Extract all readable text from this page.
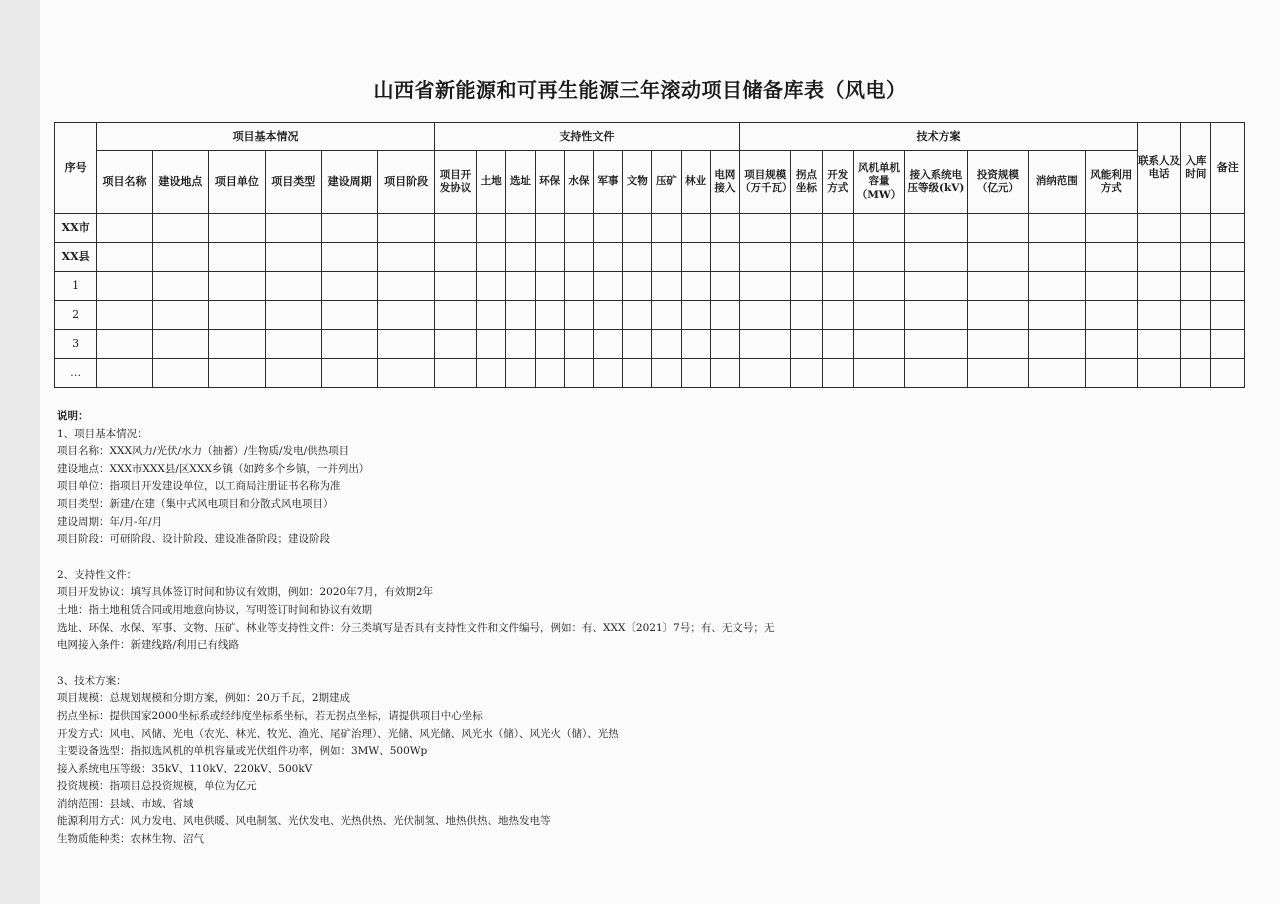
山西省新能源和可再生能源三年滚动项目储备库表（风电）
序号	项目基本情况						支持性文件										技术方案								联系人及电话	入库时间	备注
	项目名称	建设地点	项目单位	项目类型	建设周期	项目阶段	项目开发协议	土地	选址	环保	水保	军事	文物	压矿	林业	电网接入	项目规模（万千瓦）	拐点坐标	开发方式	风机单机容量（MW）	接入系统电压等级(kV)	投资规模（亿元）	消纳范围	风能利用方式			
XX市																											
XX县																											
1																											
2																											
3																											
…																											
说明：
1、项目基本情况：
项目名称：XXX风力/光伏/水力（抽蓄）/生物质/发电/供热项目
建设地点：XXX市XXX县/区XXX乡镇（如跨多个乡镇，一并列出）
项目单位：指项目开发建设单位，以工商局注册证书名称为准
项目类型：新建/在建（集中式风电项目和分散式风电项目）
建设周期：年/月-年/月
项目阶段：可研阶段、设计阶段、建设准备阶段；建设阶段
2、支持性文件：
项目开发协议：填写具体签订时间和协议有效期，例如：2020年7月，有效期2年
土地：指土地租赁合同或用地意向协议，写明签订时间和协议有效期
选址、环保、水保、军事、文物、压矿、林业等支持性文件：分三类填写是否具有支持性文件和文件编号，例如：有、XXX〔2021〕7号；有、无文号；无
电网接入条件：新建线路/利用已有线路
3、技术方案：
项目规模：总规划规模和分期方案，例如：20万千瓦，2期建成
拐点坐标：提供国家2000坐标系或经纬度坐标系坐标，若无拐点坐标，请提供项目中心坐标
开发方式：风电、风储、光电（农光、林光、牧光、渔光、尾矿治理）、光储、风光储、风光水（储）、风光火（储）、光热
主要设备选型：指拟选风机的单机容量或光伏组件功率，例如：3MW、500Wp
接入系统电压等级：35kV、110kV、220kV、500kV
投资规模：指项目总投资规模，单位为亿元
消纳范围：县域、市域、省域
能源利用方式：风力发电、风电供暖、风电制氢、光伏发电、光热供热、光伏制氢、地热供热、地热发电等
生物质能种类：农林生物、沼气
